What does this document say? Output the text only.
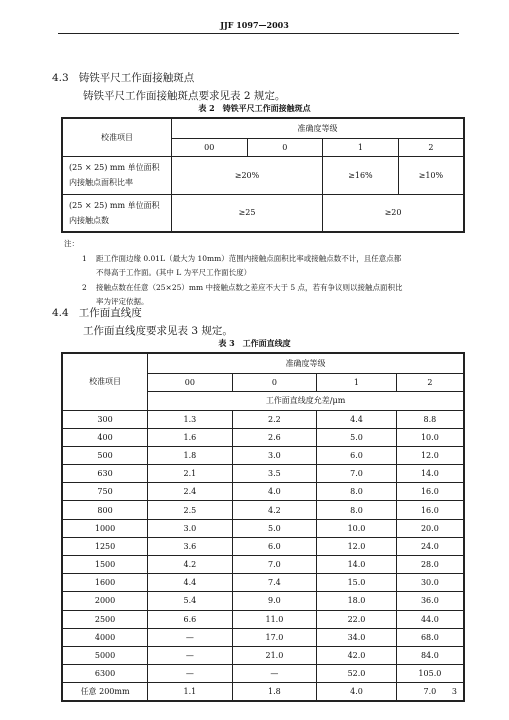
JJF 1097—2003
4.3 铸铁平尺工作面接触斑点
铸铁平尺工作面接触斑点要求见表 2 规定。
表 2　铸铁平尺工作面接触斑点
校准项目	准确度等级			
	00	0	1	2
(25 × 25) mm 单位面积
内接触点面积比率	≥20%		≥16%	≥10%
(25 × 25) mm 单位面积
内接触点数	≥25		≥20	
注：
1 距工作面边缘 0.01L（最大为 10mm）范围内接触点面积比率或接触点数不计，且任意点都
不得高于工作面。(其中 L 为平尺工作面长度）
2 接触点数在任意（25×25）mm 中接触点数之差应不大于 5 点，若有争议则以接触点面积比
率为评定依据。
4.4 工作面直线度
工作面直线度要求见表 3 规定。
表 3　工作面直线度
校准项目	准确度等级			
	00	0	1	2
	工作面直线度允差/μm			
300	1.3	2.2	4.4	8.8
400	1.6	2.6	5.0	10.0
500	1.8	3.0	6.0	12.0
630	2.1	3.5	7.0	14.0
750	2.4	4.0	8.0	16.0
800	2.5	4.2	8.0	16.0
1000	3.0	5.0	10.0	20.0
1250	3.6	6.0	12.0	24.0
1500	4.2	7.0	14.0	28.0
1600	4.4	7.4	15.0	30.0
2000	5.4	9.0	18.0	36.0
2500	6.6	11.0	22.0	44.0
4000	—	17.0	34.0	68.0
5000	—	21.0	42.0	84.0
6300	—	—	52.0	105.0
任意 200mm	1.1	1.8	4.0	7.0 3
